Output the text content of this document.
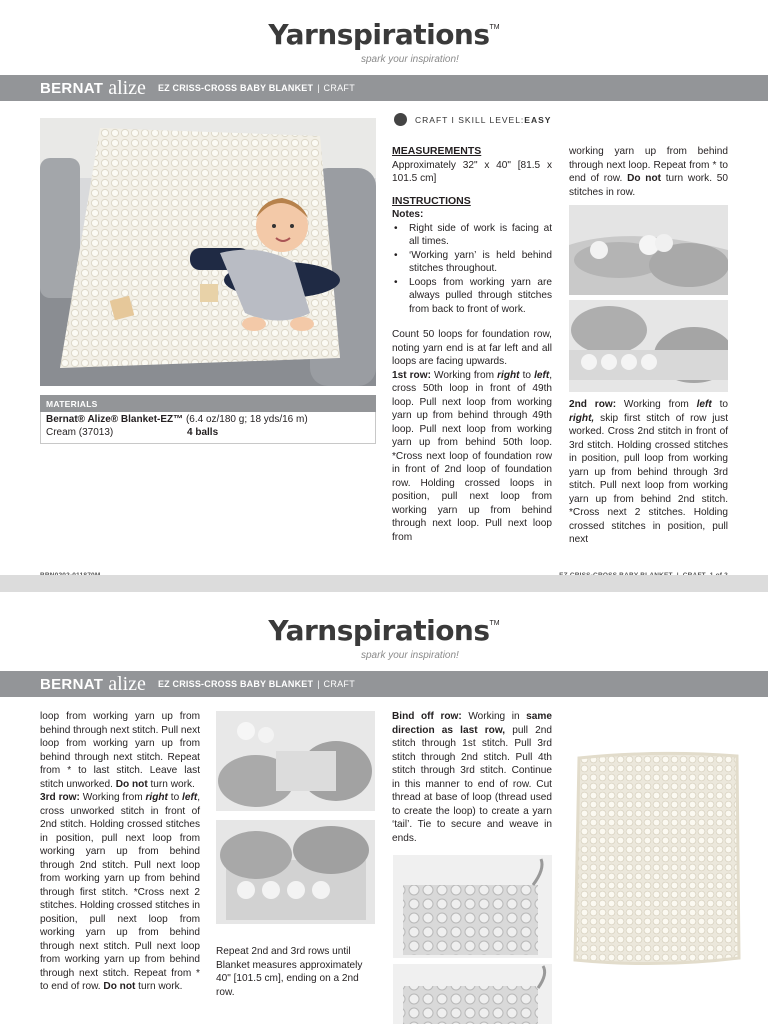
Yarnspirations™
spark your inspiration!
BERNAT alize EZ CRISS-CROSS BABY BLANKET | CRAFT
MATERIALS
Bernat® Alize® Blanket-EZ™ (6.4 oz/180 g; 18 yds/16 m)
Cream (37013)	4 balls
CRAFT I SKILL LEVEL: EASY
MEASUREMENTS

Approximately 32" x 40" [81.5 x 101.5 cm]

INSTRUCTIONS
Notes:
• Right side of work is facing at all times.
• ‘Working yarn’ is held behind stitches throughout.
• Loops from working yarn are always pulled through stitches from back to front of work.

Count 50 loops for foundation row, noting yarn end is at far left and all loops are facing upwards.

1st row: Working from right to left, cross 50th loop in front of 49th loop. Pull next loop from working yarn up from behind through 49th loop. Pull next loop from working yarn up from behind 50th loop. *Cross next loop of foundation row in front of 2nd loop of foundation row. Holding crossed loops in position, pull next loop from working yarn up from behind through next loop. Pull next loop from

working yarn up from behind through next loop. Repeat from * to end of row. Do not turn work. 50 stitches in row.

2nd row: Working from left to right, skip first stitch of row just worked. Cross 2nd stitch in front of 3rd stitch. Holding crossed stitches in position, pull loop from working yarn up from behind through 3rd stitch. Pull next loop from working yarn up from behind 2nd stitch. *Cross next 2 stitches. Holding crossed stitches in position, pull next

Yarnspirations™
spark your inspiration!
BERNAT alize EZ CRISS-CROSS BABY BLANKET | CRAFT

loop from working yarn up from behind through next stitch. Pull next loop from working yarn up from behind through next stitch. Repeat from * to last stitch. Leave last stitch unworked. Do not turn work.

3rd row: Working from right to left, cross unworked stitch in front of 2nd stitch. Holding crossed stitches in position, pull next loop from working yarn up from behind through 2nd stitch. Pull next loop from working yarn up from behind through first stitch. *Cross next 2 stitches. Holding crossed stitches in position, pull next loop from working yarn up from behind through next stitch. Pull next loop from working yarn up from behind through next stitch. Repeat from * to end of row. Do not turn work.

Repeat 2nd and 3rd rows until Blanket measures approximately 40" [101.5 cm], ending on a 2nd row.

Bind off row: Working in same direction as last row, pull 2nd stitch through 1st stitch. Pull 3rd stitch through 2nd stitch. Pull 4th stitch through 3rd stitch. Continue in this manner to end of row. Cut thread at base of loop (thread used to create the loop) to create a yarn ‘tail’. Tie to secure and weave in ends.
